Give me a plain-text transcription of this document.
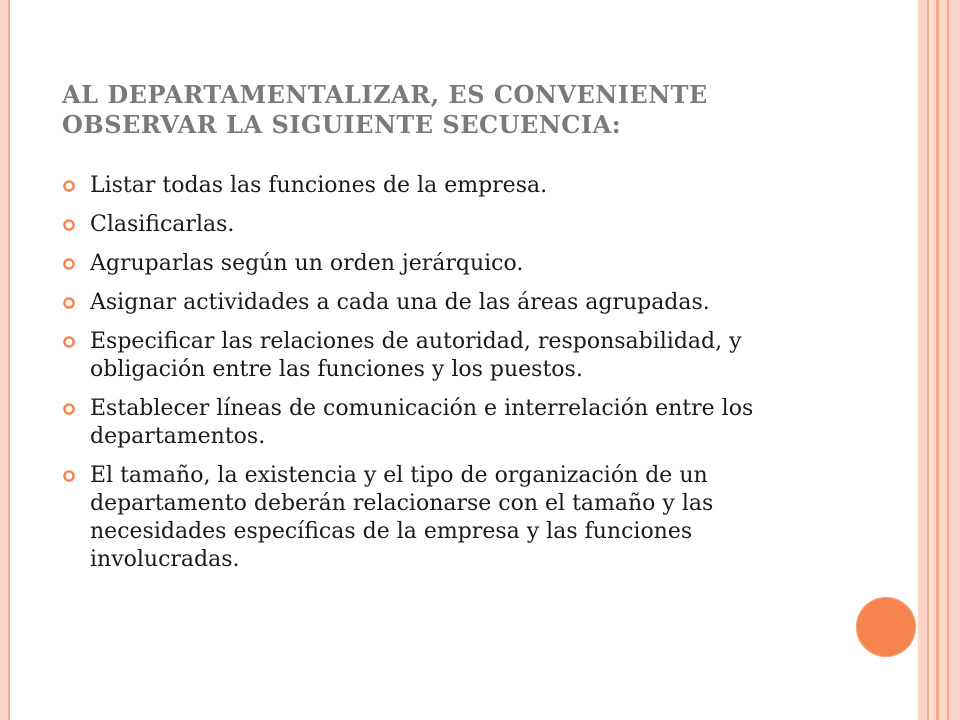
AL DEPARTAMENTALIZAR, ES CONVENIENTE OBSERVAR LA SIGUIENTE SECUENCIA:
Listar todas las funciones de la empresa.
Clasificarlas.
Agruparlas según un orden jerárquico.
Asignar actividades a cada una de las áreas agrupadas.
Especificar las relaciones de autoridad, responsabilidad, y obligación entre las funciones y los puestos.
Establecer líneas de comunicación e interrelación entre los departamentos.
El tamaño, la existencia y el tipo de organización de un departamento deberán relacionarse con el tamaño y las necesidades específicas de la empresa y las funciones involucradas.
